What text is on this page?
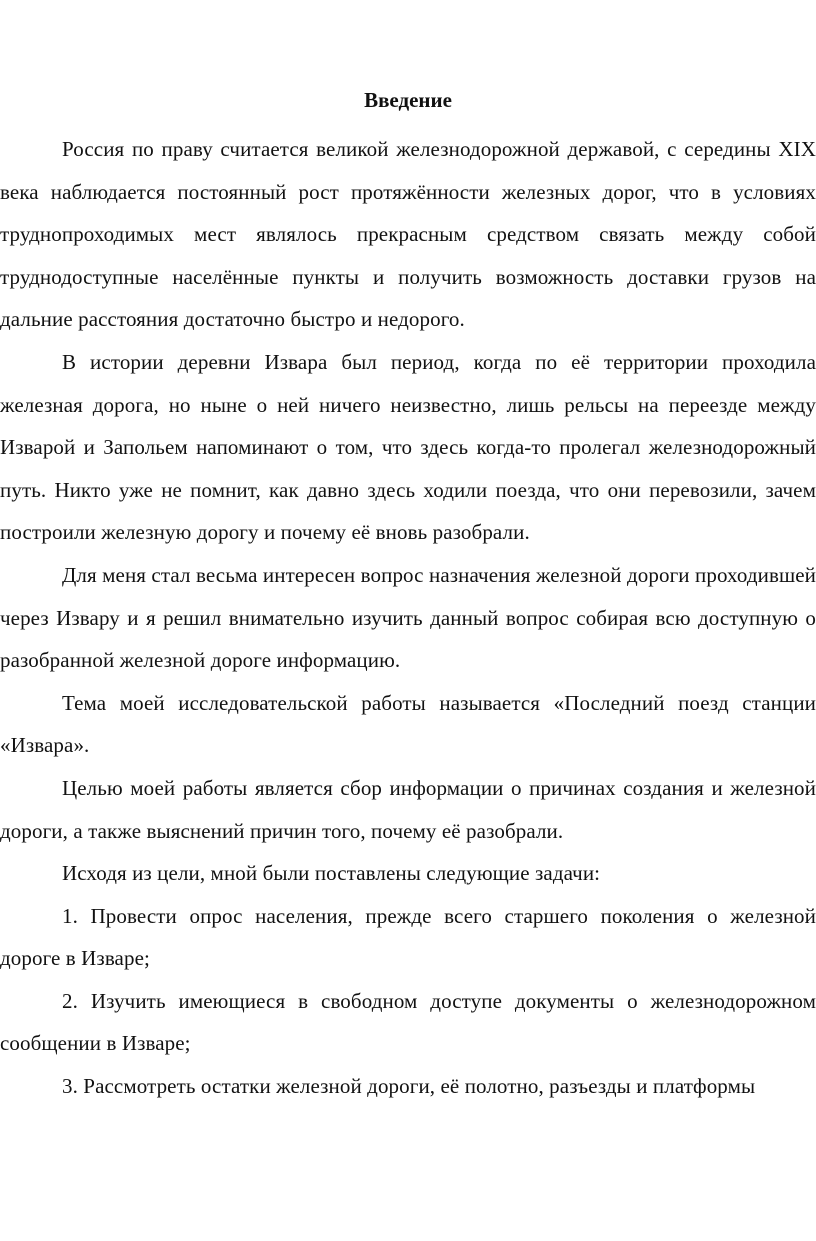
Введение

Россия по праву считается великой железнодорожной державой, с середины XIX века наблюдается постоянный рост протяжённости железных дорог, что в условиях труднопроходимых мест являлось прекрасным средством связать между собой труднодоступные населённые пункты и получить возможность доставки грузов на дальние расстояния достаточно быстро и недорого.

В истории деревни Извара был период, когда по её территории проходила железная дорога, но ныне о ней ничего неизвестно, лишь рельсы на переезде между Изварой и Запольем напоминают о том, что здесь когда-то пролегал железнодорожный путь. Никто уже не помнит, как давно здесь ходили поезда, что они перевозили, зачем построили железную дорогу и почему её вновь разобрали.

Для меня стал весьма интересен вопрос назначения железной дороги проходившей через Извару и я решил внимательно изучить данный вопрос собирая всю доступную о разобранной железной дороге информацию.

Тема моей исследовательской работы называется «Последний поезд станции «Извара».

Целью моей работы является сбор информации о причинах создания и железной дороги, а также выяснений причин того, почему её разобрали.

Исходя из цели, мной были поставлены следующие задачи:

1. Провести опрос населения, прежде всего старшего поколения о железной дороге в Изваре;

2. Изучить имеющиеся в свободном доступе документы о железнодорожном сообщении в Изваре;

3. Рассмотреть остатки железной дороги, её полотно, разъезды и платформы
